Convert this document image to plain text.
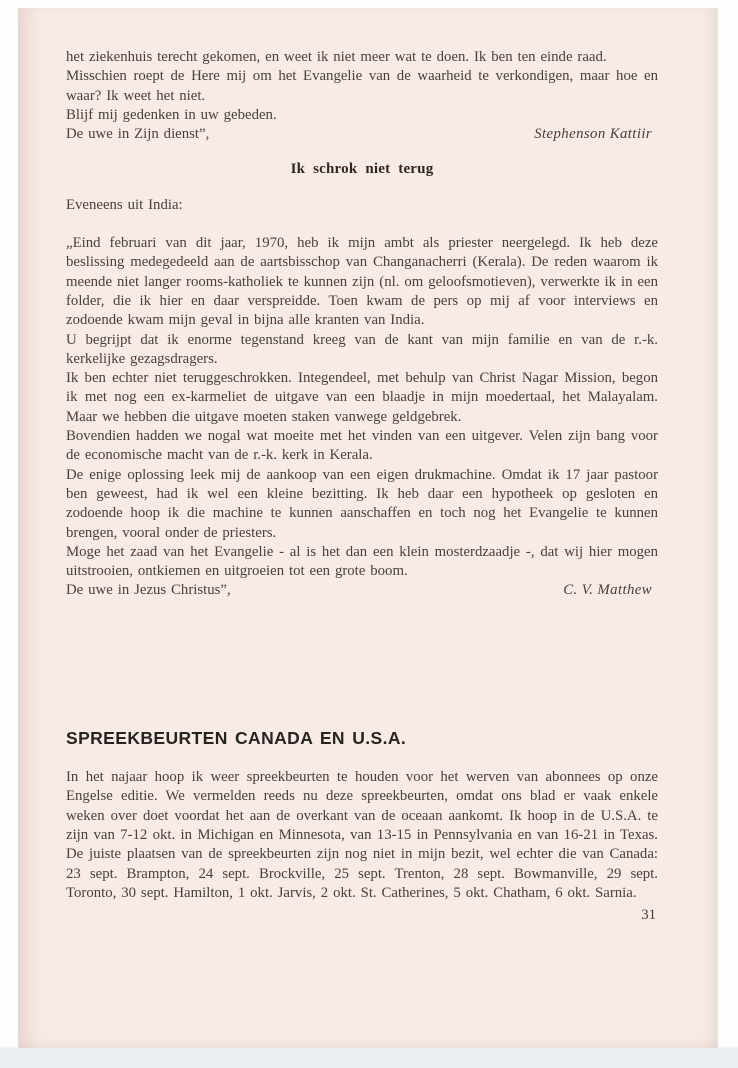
het ziekenhuis terecht gekomen, en weet ik niet meer wat te doen. Ik ben ten einde raad.

Misschien roept de Here mij om het Evangelie van de waarheid te verkondigen, maar hoe en waar? Ik weet het niet.

Blijf mij gedenken in uw gebeden.

De uwe in Zijn dienst”,	Stephenson Kattiir
Ik schrok niet terug

Eveneens uit India:

„Eind februari van dit jaar, 1970, heb ik mijn ambt als priester neergelegd. Ik heb deze beslissing medegedeeld aan de aartsbisschop van Changanacherri (Kerala). De reden waarom ik meende niet langer rooms-katholiek te kunnen zijn (nl. om geloofsmotieven), verwerkte ik in een folder, die ik hier en daar verspreidde. Toen kwam de pers op mij af voor interviews en zodoende kwam mijn geval in bijna alle kranten van India.

U begrijpt dat ik enorme tegenstand kreeg van de kant van mijn familie en van de r.-k. kerkelijke gezagsdragers.

Ik ben echter niet teruggeschrokken. Integendeel, met behulp van Christ Nagar Mission, begon ik met nog een ex-karmeliet de uitgave van een blaadje in mijn moedertaal, het Malayalam. Maar we hebben die uitgave moeten staken vanwege geldgebrek.

Bovendien hadden we nogal wat moeite met het vinden van een uitgever. Velen zijn bang voor de economische macht van de r.-k. kerk in Kerala.

De enige oplossing leek mij de aankoop van een eigen drukmachine. Omdat ik 17 jaar pastoor ben geweest, had ik wel een kleine bezitting. Ik heb daar een hypotheek op gesloten en zodoende hoop ik die machine te kunnen aanschaffen en toch nog het Evangelie te kunnen brengen, vooral onder de priesters.

Moge het zaad van het Evangelie - al is het dan een klein mosterdzaadje -, dat wij hier mogen uitstrooien, ontkiemen en uitgroeien tot een grote boom.

De uwe in Jezus Christus”,	C. V. Matthew
SPREEKBEURTEN CANADA EN U.S.A.

In het najaar hoop ik weer spreekbeurten te houden voor het werven van abonnees op onze Engelse editie. We vermelden reeds nu deze spreekbeurten, omdat ons blad er vaak enkele weken over doet voordat het aan de overkant van de oceaan aankomt. Ik hoop in de U.S.A. te zijn van 7-12 okt. in Michigan en Minnesota, van 13-15 in Pennsylvania en van 16-21 in Texas. De juiste plaatsen van de spreekbeurten zijn nog niet in mijn bezit, wel echter die van Canada: 23 sept. Brampton, 24 sept. Brockville, 25 sept. Trenton, 28 sept. Bowmanville, 29 sept. Toronto, 30 sept. Hamilton, 1 okt. Jarvis, 2 okt. St. Catherines, 5 okt. Chatham, 6 okt. Sarnia.

31
